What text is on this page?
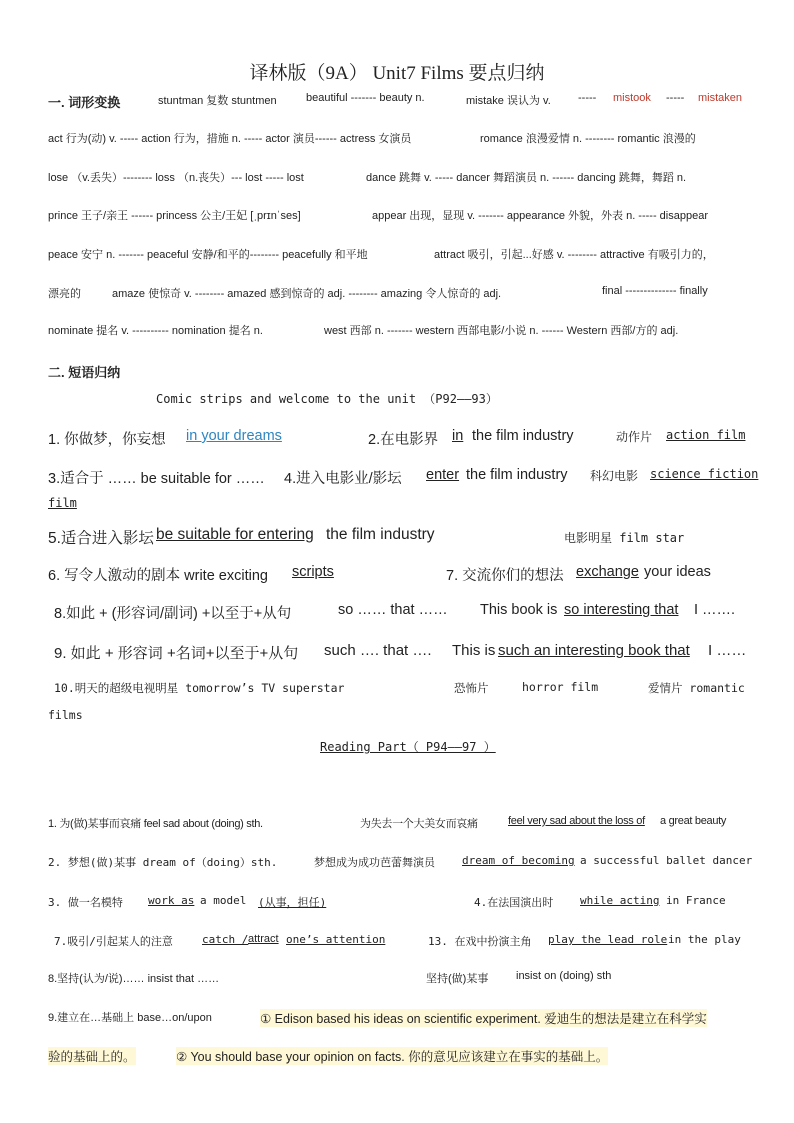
译林版（9A） Unit7 Films 要点归纳
一. 词形变换	stuntman 复数 stuntmen	beautiful ------- beauty n.	mistake 误认为 v. ----- mistook ----- mistaken
act 行为(动) v. ----- action 行为，措施 n. ----- actor 演员------ actress 女演员	romance 浪漫爱情 n. -------- romantic 浪漫的
lose （v.丢失）-------- loss （n.丧失）--- lost ----- lost	dance 跳舞 v. ----- dancer 舞蹈演员 n. ------ dancing 跳舞，舞蹈 n.
prince 王子/亲王 ------ princess 公主/王妃 [ˌprɪnˈses]	appear 出现，显现 v. ------- appearance 外貌，外表 n. ----- disappear
peace 安宁 n. ------- peaceful 安静/和平的-------- peacefully 和平地	attract 吸引，引起...好感 v. -------- attractive 有吸引力的，
漂亮的	amaze 使惊奇 v. -------- amazed 感到惊奇的 adj. -------- amazing 令人惊奇的 adj.	final -------------- finally
nominate 提名 v. ---------- nomination 提名 n.	west 西部 n. ------- western 西部电影/小说 n. ------ Western 西部/方的 adj.
二. 短语归纳
Comic strips and welcome to the unit （P92——93）
1. 你做梦，你妄想 in your dreams	2.在电影界 in the film industry	动作片 action film
3.适合于 …… be suitable for …… 4.进入电影业/影坛 enter the film industry 科幻电影 science fiction
film
5.适合进入影坛 be suitable for entering the film industry	电影明星 film star
6. 写令人激动的剧本 write exciting scripts	7. 交流你们的想法 exchange your ideas
8.如此 + (形容词/副词) +以至于+从句	so …… that …… This book is so interesting that I …….
9. 如此 + 形容词 +名词+以至于+从句 such …. that …. This is such an interesting book that I ……
10.明天的超级电视明星 tomorrow’s TV superstar	恐怖片	horror film	爱情片 romantic
films
Reading Part（ P94——97 ）
1. 为(做)某事而哀痛 feel sad about (doing) sth.	为失去一个大美女而哀痛	feel very sad about the loss of a great beauty
2. 梦想(做)某事 dream of（doing）sth.	梦想成为成功芭蕾舞演员 dream of becoming a successful ballet dancer
3. 做一名模特 work as a model (从事，担任)	4.在法国演出时 while acting in France
7.吸引/引起某人的注意	catch / attract one’s attention	13. 在戏中扮演主角 play the lead role in the play
8.坚持(认为/说)…… insist that ……	坚持(做)某事	insist on (doing) sth
9.建立在…基础上 base…on/upon	① Edison based his ideas on scientific experiment. 爱迪生的想法是建立在科学实
验的基础上的。	② You should base your opinion on facts. 你的意见应该建立在事实的基础上。
